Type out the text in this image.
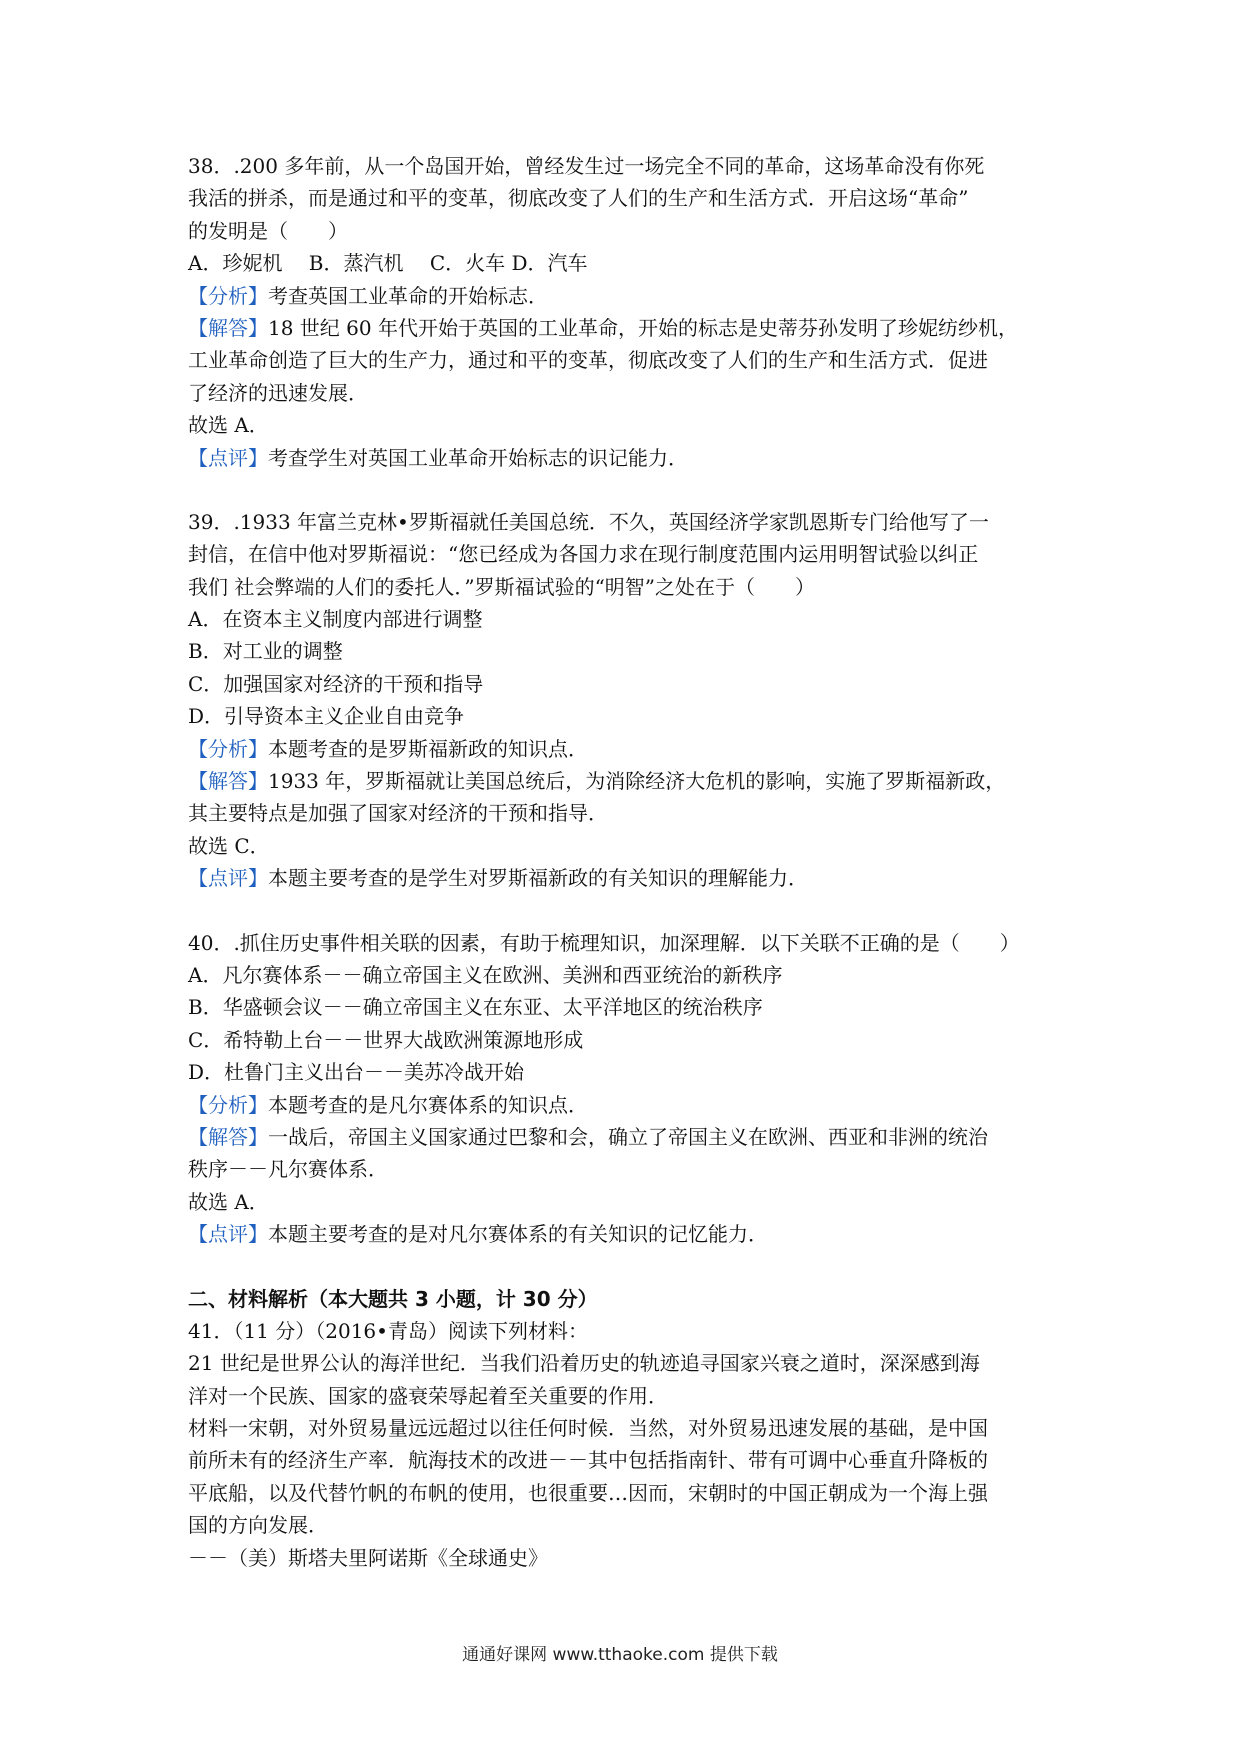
38．.200 多年前，从一个岛国开始，曾经发生过一场完全不同的革命，这场革命没有你死
我活的拼杀，而是通过和平的变革，彻底改变了人们的生产和生活方式．开启这场“革命”
的发明是（　　）
A．珍妮机　 B．蒸汽机　 C．火车 D．汽车
【分析】考查英国工业革命的开始标志．
【解答】18 世纪 60 年代开始于英国的工业革命，开始的标志是史蒂芬孙发明了珍妮纺纱机，
工业革命创造了巨大的生产力，通过和平的变革，彻底改变了人们的生产和生活方式．促进
了经济的迅速发展．
故选 A．
【点评】考查学生对英国工业革命开始标志的识记能力．
39．.1933 年富兰克林•罗斯福就任美国总统．不久，英国经济学家凯恩斯专门给他写了一
封信，在信中他对罗斯福说：“您已经成为各国力求在现行制度范围内运用明智试验以纠正
我们 社会弊端的人们的委托人．”罗斯福试验的“明智”之处在于（　　）
A．在资本主义制度内部进行调整
B．对工业的调整
C．加强国家对经济的干预和指导
D．引导资本主义企业自由竞争
【分析】本题考查的是罗斯福新政的知识点．
【解答】1933 年，罗斯福就让美国总统后，为消除经济大危机的影响，实施了罗斯福新政，
其主要特点是加强了国家对经济的干预和指导．
故选 C．
【点评】本题主要考查的是学生对罗斯福新政的有关知识的理解能力．
40．.抓住历史事件相关联的因素，有助于梳理知识，加深理解．以下关联不正确的是（　　）
A．凡尔赛体系－－确立帝国主义在欧洲、美洲和西亚统治的新秩序
B．华盛顿会议－－确立帝国主义在东亚、太平洋地区的统治秩序
C．希特勒上台－－世界大战欧洲策源地形成
D．杜鲁门主义出台－－美苏冷战开始
【分析】本题考查的是凡尔赛体系的知识点．
【解答】一战后，帝国主义国家通过巴黎和会，确立了帝国主义在欧洲、西亚和非洲的统治
秩序－－凡尔赛体系．
故选 A．
【点评】本题主要考查的是对凡尔赛体系的有关知识的记忆能力．
二、材料解析（本大题共 3 小题，计 30 分）
41．（11 分）（2016•青岛）阅读下列材料：
21 世纪是世界公认的海洋世纪．当我们沿着历史的轨迹追寻国家兴衰之道时，深深感到海
洋对一个民族、国家的盛衰荣辱起着至关重要的作用．
材料一宋朝，对外贸易量远远超过以往任何时候．当然，对外贸易迅速发展的基础，是中国
前所未有的经济生产率．航海技术的改进－－其中包括指南针、带有可调中心垂直升降板的
平底船，以及代替竹帆的布帆的使用，也很重要…因而，宋朝时的中国正朝成为一个海上强
国的方向发展．
－－（美）斯塔夫里阿诺斯《全球通史》
通通好课网 www.tthaoke.com 提供下载
